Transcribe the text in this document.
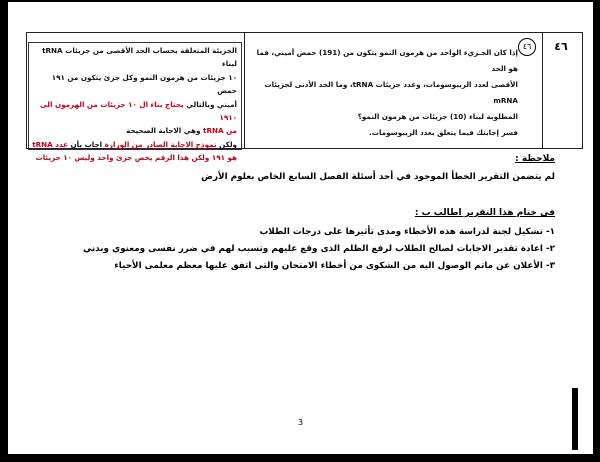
٤٦
٤٦
إذا كان الجـزيء الواحد من هرمون النمو يتكون من (191) حمض أميني، فما هو الحد
الأقصى لعدد الريبوسومات، وعدد جزيئات tRNA، وما الحد الأدنى لجزيئات mRNA
المطلوبة لبناء (10) جزيئات من هرمون النمو؟
فسر إجابتك فيما يتعلق بعدد الريبوسومات.
الجزيئة المتعلقة بحساب الحد الأقصى من جزيئات tRNA لبناء
١٠ جزيئات من هرمون النمو وكل جزئ يتكون من ١٩١ حمض
أميني وبالتالي يحتاج بناء ال ١٠ جزيئات من الهرمون الى ١٩١٠
من tRNA وهي الاجابة الصحيحة
ولكن نموذج الاجابة الصادر من الوزارة اجاب بأن عدد tRNA
هو ١٩١ ولكن هذا الرقم يخص جزئ واحد وليس ١٠ جزيئات	ملاحظة :
لم يتضمن التقرير الخطأ الموجود في أحد أسئلة الفصل السابع الخاص بعلوم الأرض
في ختام هذا التقرير اطالب ب :
١- تشكيل لجنة لدراسة هذه الأخطاء ومدى تأثيرها على درجات الطلاب
٢- اعادة تقدير الاجابات لصالح الطلاب لرفع الظلم الذى وقع عليهم وتسبب لهم في ضرر نفسى ومعنوي وبدني
٣- الأعلان عن ماتم الوصول اليه من الشكوى من أخطاء الامتحان والتى اتفق عليها معظم معلمى الأحياء
3
